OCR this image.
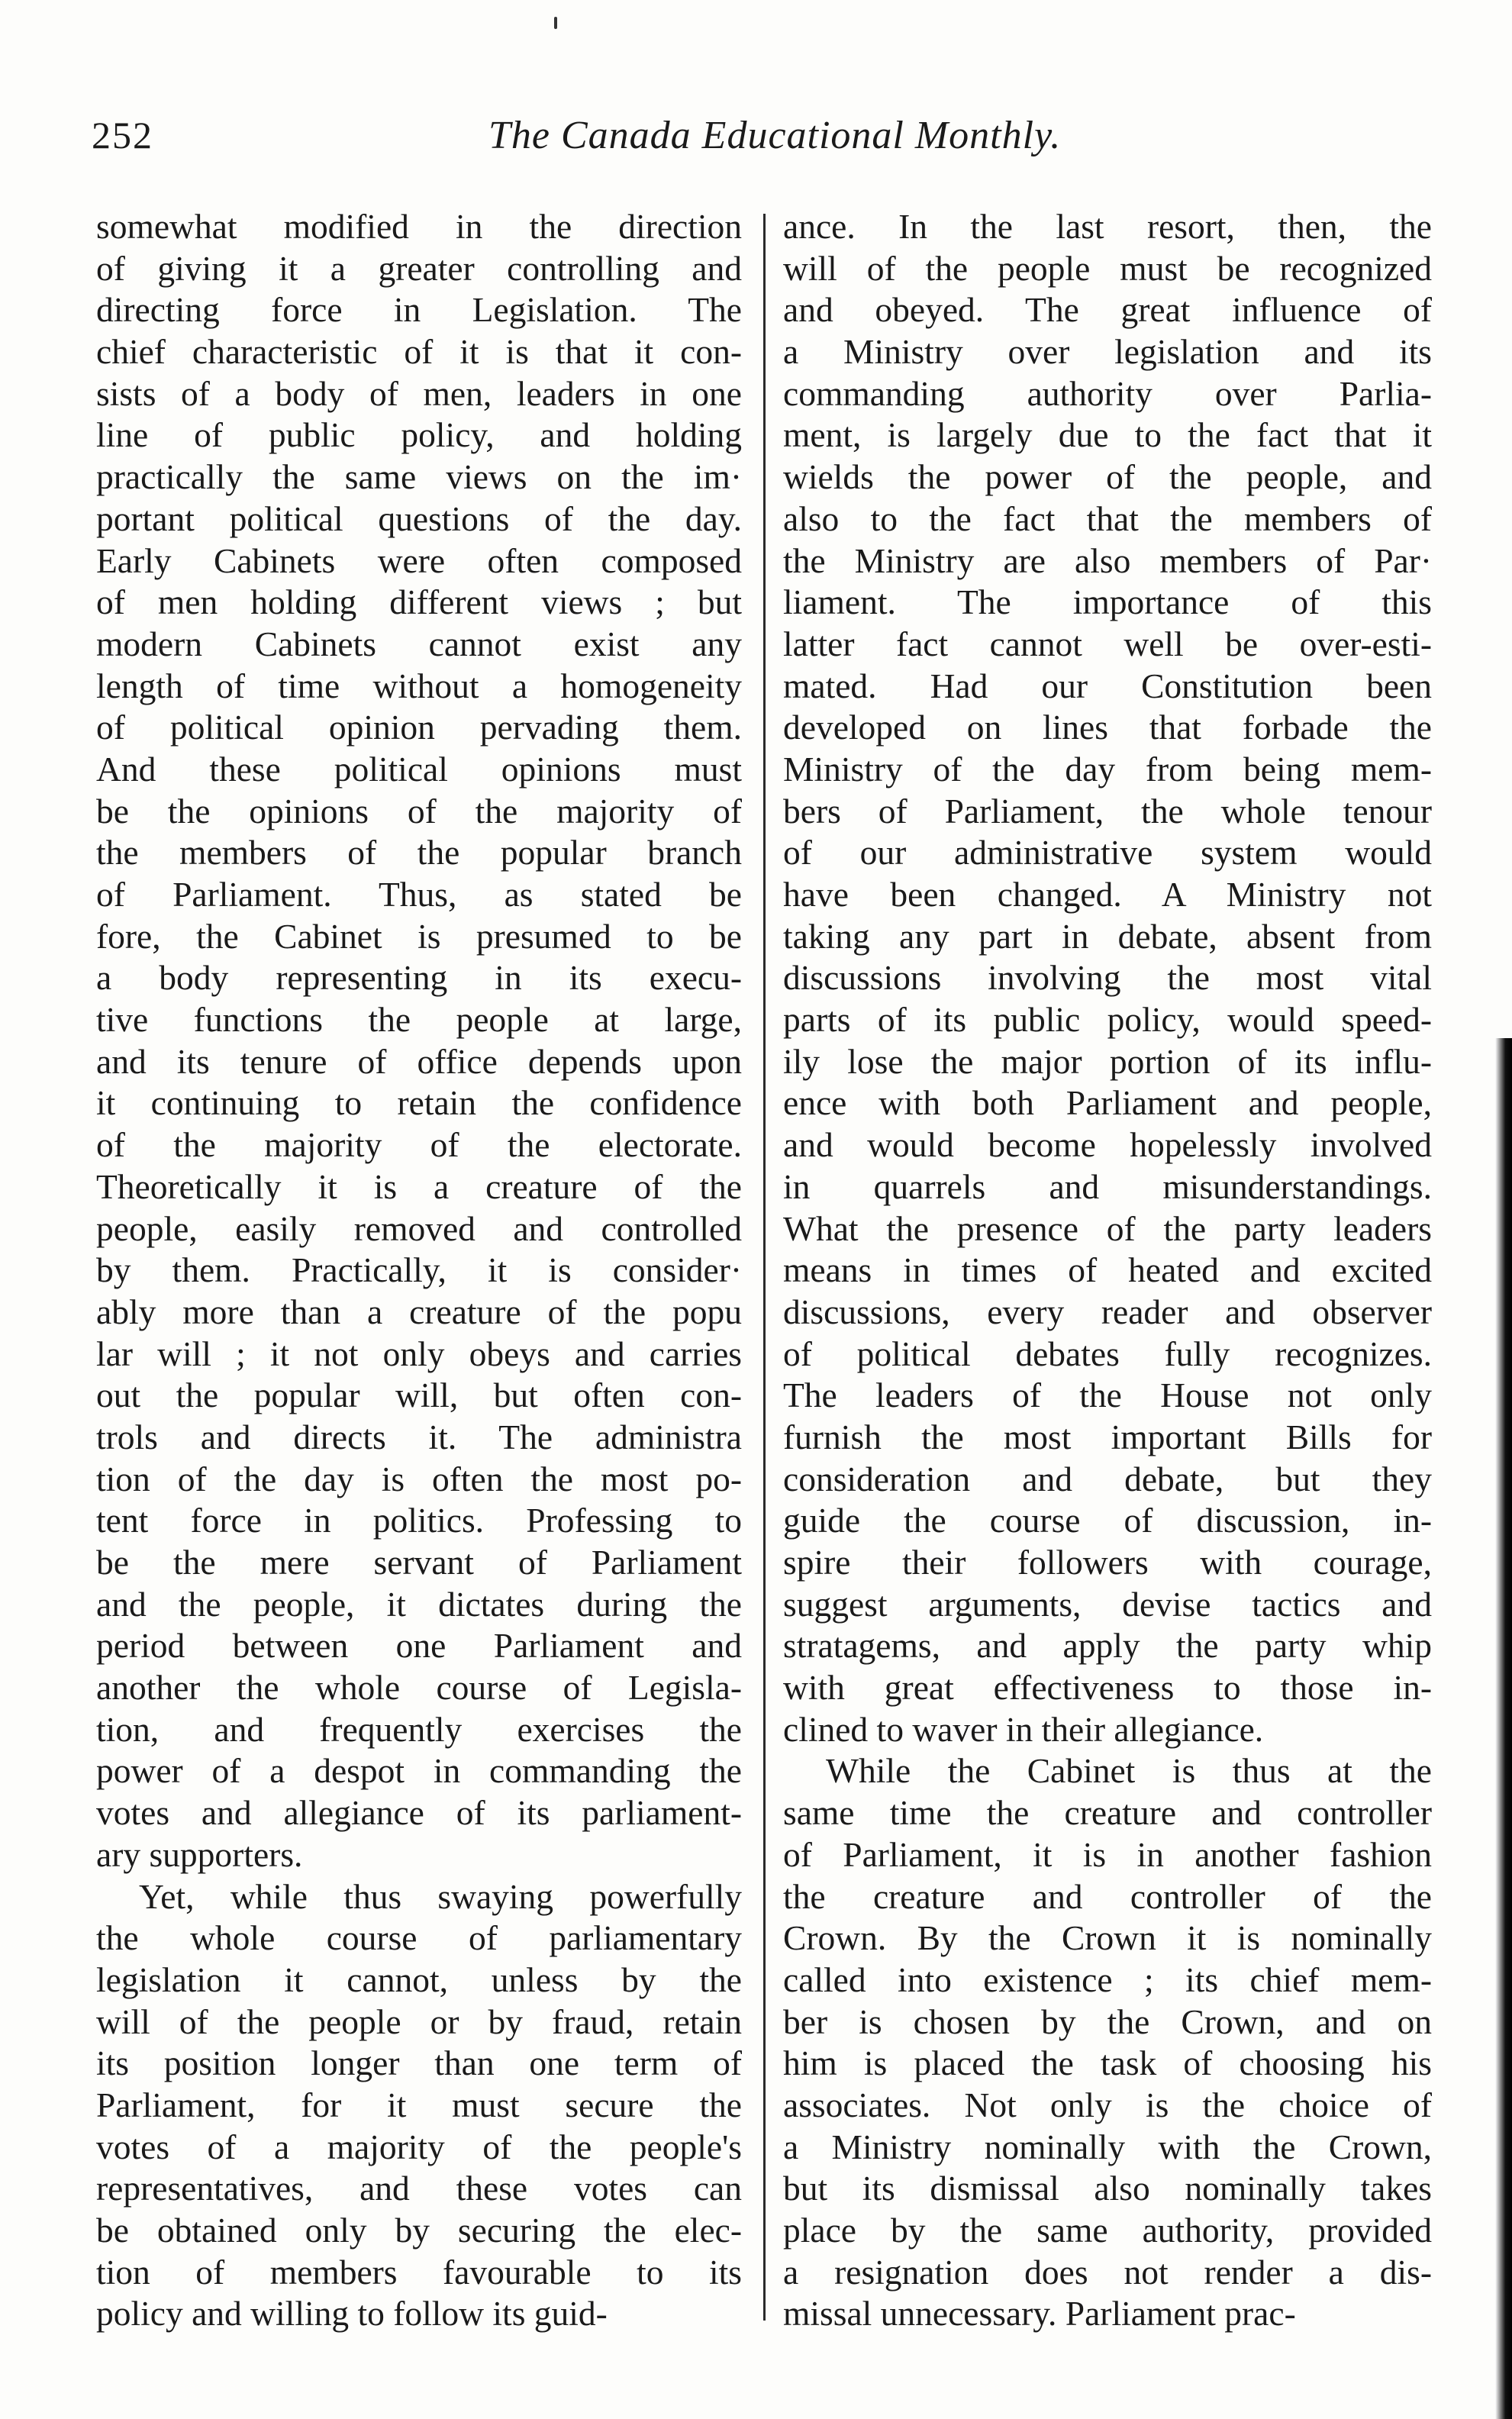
252	The Canada Educational Monthly.
somewhat modified in the direction
of giving it a greater controlling and
directing force in Legislation. The
chief characteristic of it is that it con-
sists of a body of men, leaders in one
line of public policy, and holding
practically the same views on the im·
portant political questions of the day.
Early Cabinets were often composed
of men holding different views ; but
modern Cabinets cannot exist any
length of time without a homogeneity
of political opinion pervading them.
And these political opinions must
be the opinions of the majority of
the members of the popular branch
of Parliament. Thus, as stated be
fore, the Cabinet is presumed to be
a body representing in its execu-
tive functions the people at large,
and its tenure of office depends upon
it continuing to retain the confidence
of the majority of the electorate.
Theoretically it is a creature of the
people, easily removed and controlled
by them. Practically, it is consider·
ably more than a creature of the popu
lar will ; it not only obeys and carries
out the popular will, but often con-
trols and directs it. The administra
tion of the day is often the most po-
tent force in politics. Professing to
be the mere servant of Parliament
and the people, it dictates during the
period between one Parliament and
another the whole course of Legisla-
tion, and frequently exercises the
power of a despot in commanding the
votes and allegiance of its parliament-
ary supporters.
Yet, while thus swaying powerfully
the whole course of parliamentary
legislation it cannot, unless by the
will of the people or by fraud, retain
its position longer than one term of
Parliament, for it must secure the
votes of a majority of the people's
representatives, and these votes can
be obtained only by securing the elec-
tion of members favourable to its
policy and willing to follow its guid-
ance. In the last resort, then, the
will of the people must be recognized
and obeyed. The great influence of
a Ministry over legislation and its
commanding authority over Parlia-
ment, is largely due to the fact that it
wields the power of the people, and
also to the fact that the members of
the Ministry are also members of Par·
liament. The importance of this
latter fact cannot well be over-esti-
mated. Had our Constitution been
developed on lines that forbade the
Ministry of the day from being mem-
bers of Parliament, the whole tenour
of our administrative system would
have been changed. A Ministry not
taking any part in debate, absent from
discussions involving the most vital
parts of its public policy, would speed-
ily lose the major portion of its influ-
ence with both Parliament and people,
and would become hopelessly involved
in quarrels and misunderstandings.
What the presence of the party leaders
means in times of heated and excited
discussions, every reader and observer
of political debates fully recognizes.
The leaders of the House not only
furnish the most important Bills for
consideration and debate, but they
guide the course of discussion, in-
spire their followers with courage,
suggest arguments, devise tactics and
stratagems, and apply the party whip
with great effectiveness to those in-
clined to waver in their allegiance.
While the Cabinet is thus at the
same time the creature and controller
of Parliament, it is in another fashion
the creature and controller of the
Crown. By the Crown it is nominally
called into existence ; its chief mem-
ber is chosen by the Crown, and on
him is placed the task of choosing his
associates. Not only is the choice of
a Ministry nominally with the Crown,
but its dismissal also nominally takes
place by the same authority, provided
a resignation does not render a dis-
missal unnecessary. Parliament prac-
